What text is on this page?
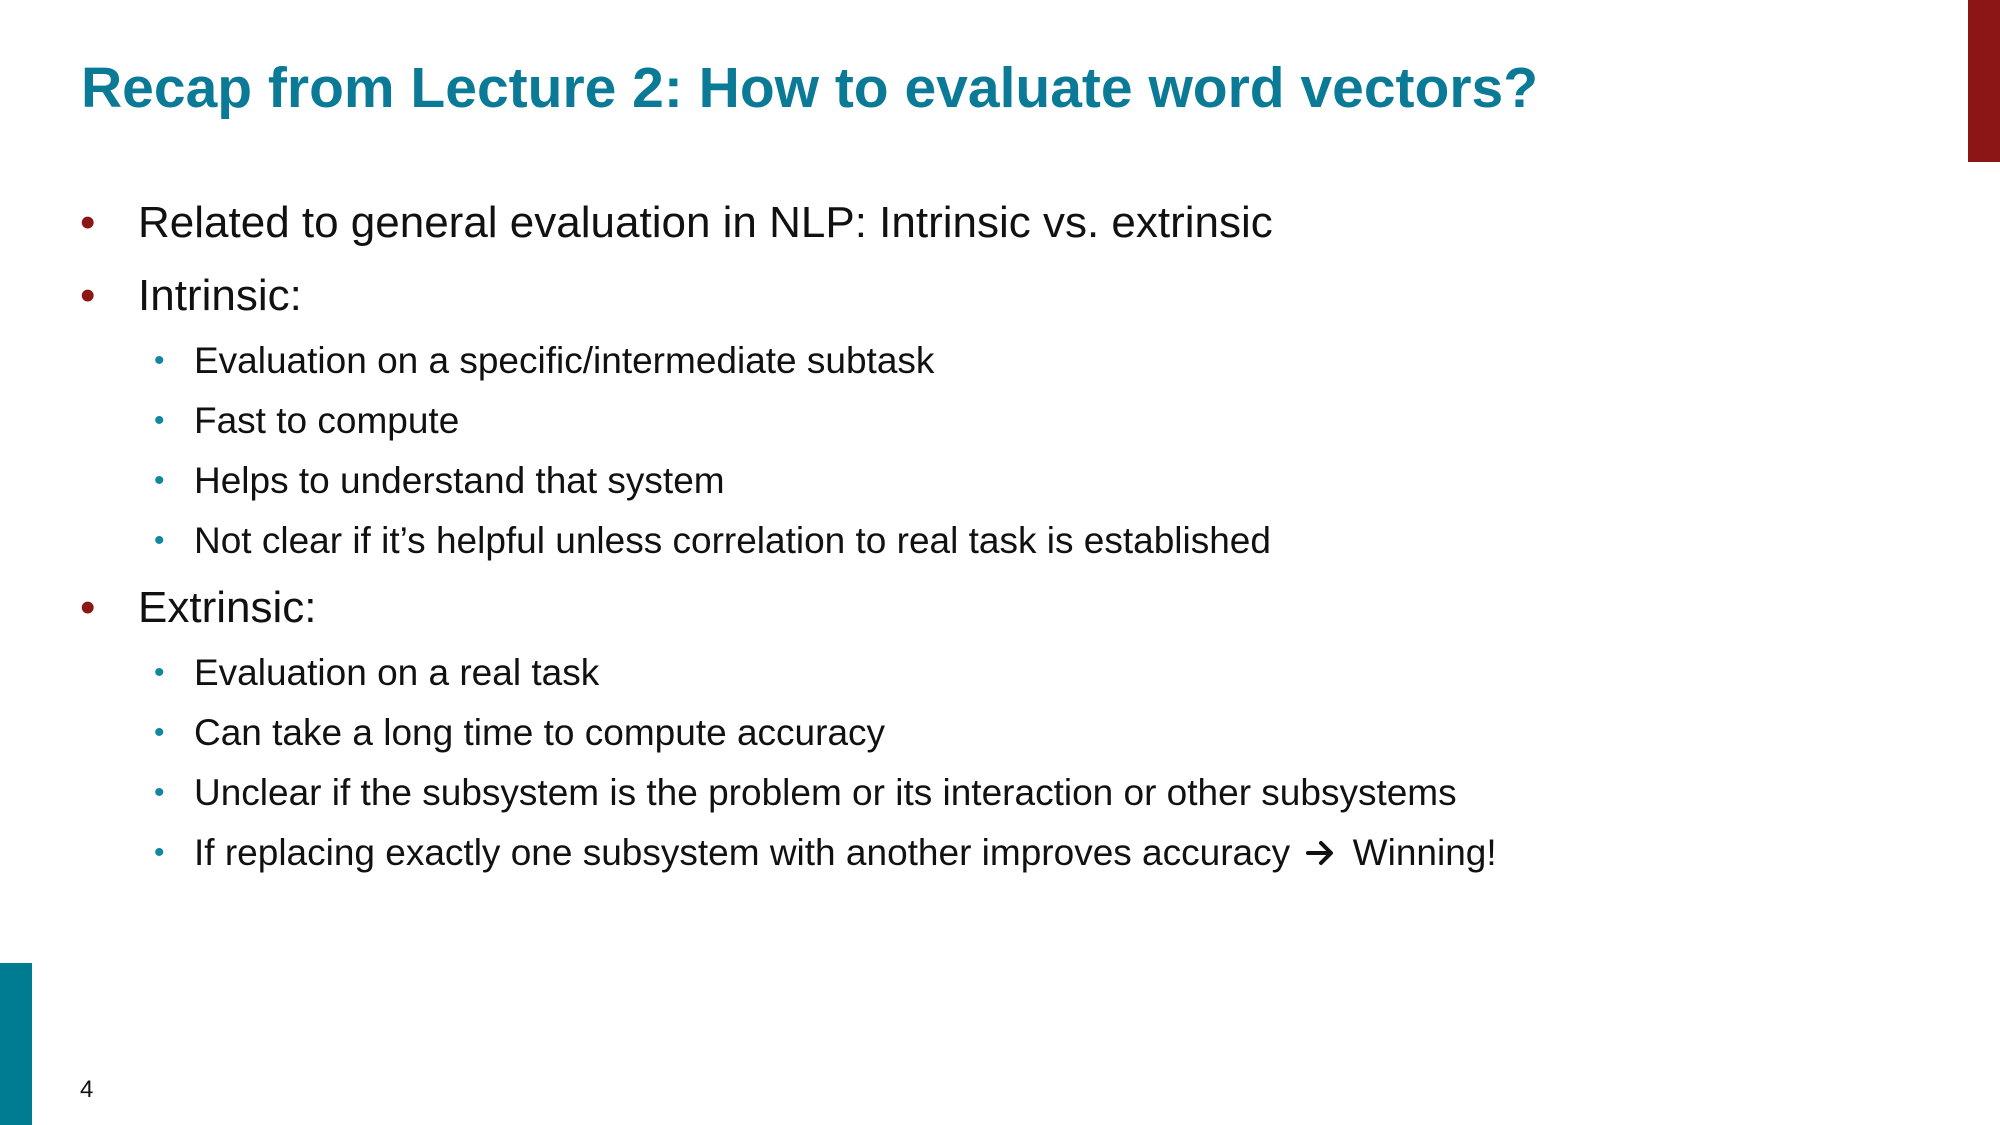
Recap from Lecture 2: How to evaluate word vectors?
• Related to general evaluation in NLP: Intrinsic vs. extrinsic
• Intrinsic:
• Evaluation on a specific/intermediate subtask
• Fast to compute
• Helps to understand that system
• Not clear if it’s helpful unless correlation to real task is established
• Extrinsic:
• Evaluation on a real task
• Can take a long time to compute accuracy
• Unclear if the subsystem is the problem or its interaction or other subsystems
• If replacing exactly one subsystem with another improves accuracy Winning!
4
